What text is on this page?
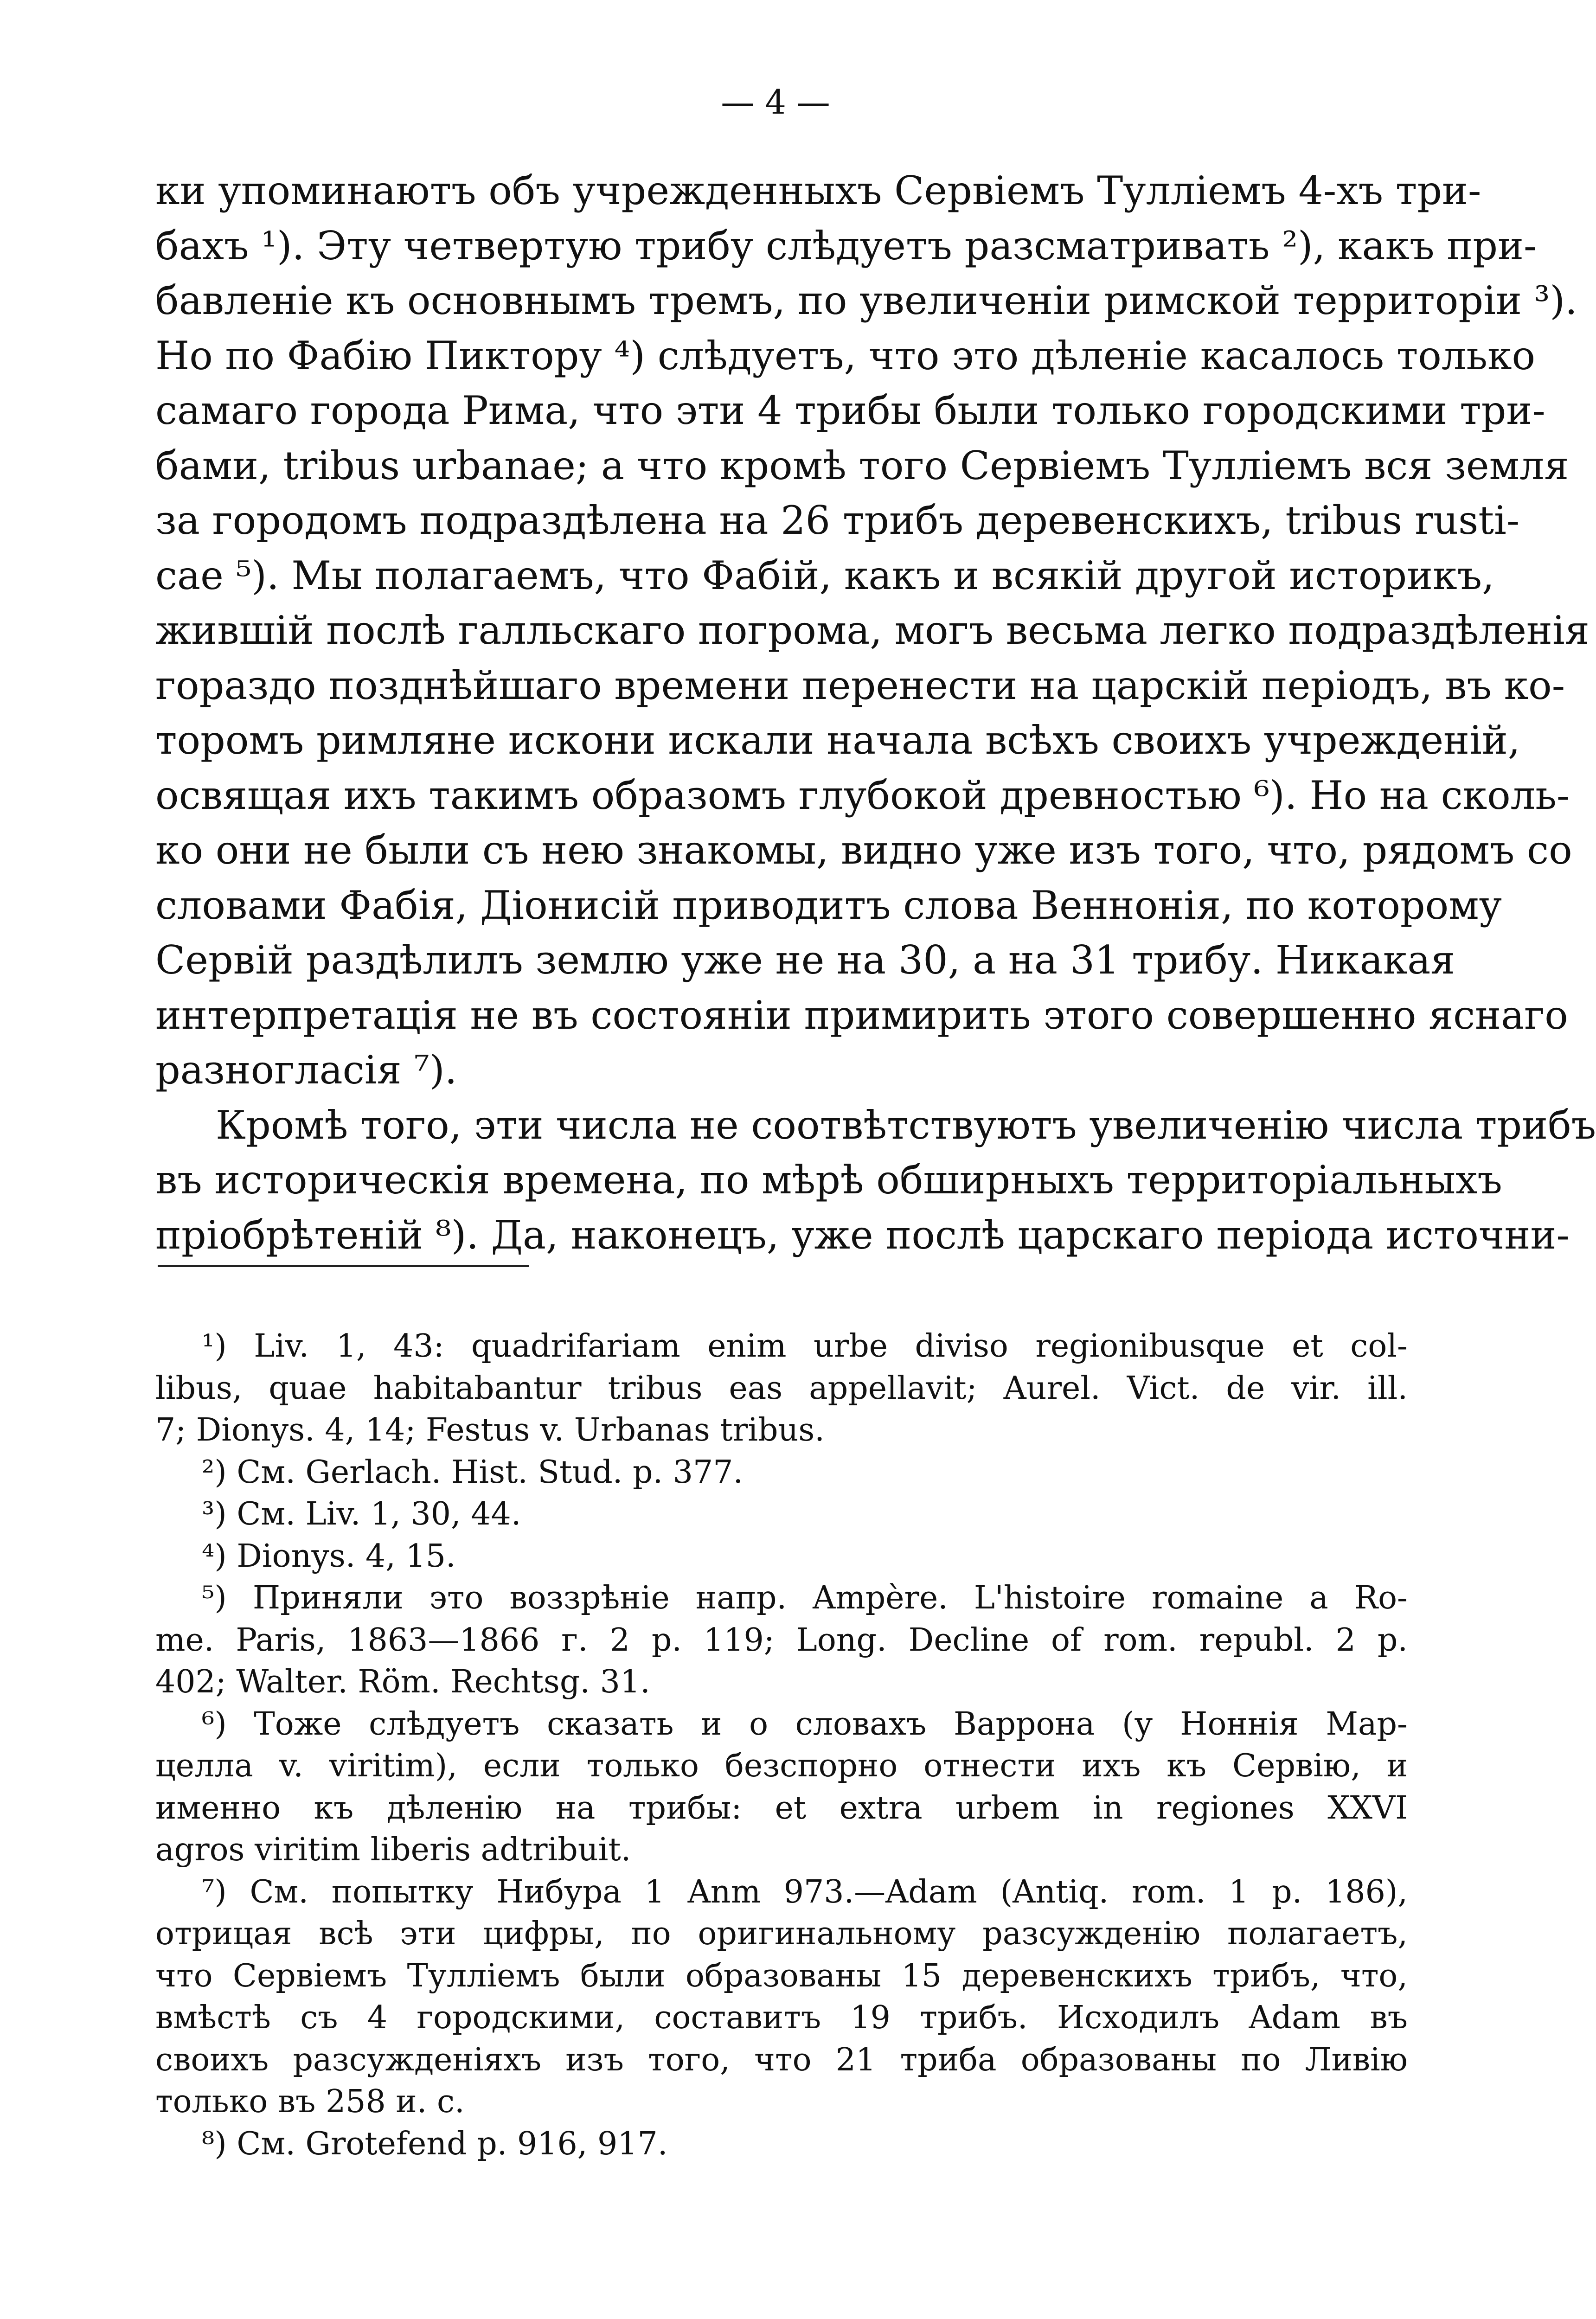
— 4 —
ки упоминаютъ объ учрежденныхъ Сервіемъ Тулліемъ 4-хъ три-
бахъ ¹). Эту четвертую трибу слѣдуетъ разсматривать ²), какъ при-
бавленіе къ основнымъ тремъ, по увеличеніи римской территоріи ³).
Но по Фабію Пиктору ⁴) слѣдуетъ, что это дѣленіе касалось только
самаго города Рима, что эти 4 трибы были только городскими три-
бами, tribus urbanae; а что кромѣ того Сервіемъ Тулліемъ вся земля
за городомъ подраздѣлена на 26 трибъ деревенскихъ, tribus rusti-
cae ⁵). Мы полагаемъ, что Фабій, какъ и всякій другой историкъ,
жившій послѣ галльскаго погрома, могъ весьма легко подраздѣленія
гораздо позднѣйшаго времени перенести на царскій періодъ, въ ко-
торомъ римляне искони искали начала всѣхъ своихъ учрежденій,
освящая ихъ такимъ образомъ глубокой древностью ⁶). Но на сколь-
ко они не были съ нею знакомы, видно уже изъ того, что, рядомъ со
словами Фабія, Діонисій приводитъ слова Веннонія, по которому
Сервій раздѣлилъ землю уже не на 30, а на 31 трибу. Никакая
интерпретація не въ состояніи примирить этого совершенно яснаго
разногласія ⁷).
Кромѣ того, эти числа не соотвѣтствуютъ увеличенію числа трибъ
въ историческія времена, по мѣрѣ обширныхъ территоріальныхъ
пріобрѣтеній ⁸). Да, наконецъ, уже послѣ царскаго періода источни-
¹) Liv. 1, 43: quadrifariam enim urbe diviso regionibusque et col-
libus, quae habitabantur tribus eas appellavit; Aurel. Vict. de vir. ill.
7; Dionys. 4, 14; Festus v. Urbanas tribus.
²) См. Gerlach. Hist. Stud. p. 377.
³) См. Liv. 1, 30, 44.
⁴) Dionys. 4, 15.
⁵) Приняли это воззрѣніе напр. Ampère. L'histoire romaine a Ro-
me. Paris, 1863—1866 г. 2 p. 119; Long. Decline of rom. republ. 2 p.
402; Walter. Röm. Rechtsg. 31.
⁶) Тоже слѣдуетъ сказать и о словахъ Варрона (у Ноннія Мар-
целла v. viritim), если только безспорно отнести ихъ къ Сервію, и
именно къ дѣленію на трибы: et extra urbem in regiones XXVI
agros viritim liberis adtribuit.
⁷) См. попытку Нибура 1 Anm 973.—Adam (Antiq. rom. 1 p. 186),
отрицая всѣ эти цифры, по оригинальному разсужденію полагаетъ,
что Сервіемъ Тулліемъ были образованы 15 деревенскихъ трибъ, что,
вмѣстѣ съ 4 городскими, составитъ 19 трибъ. Исходилъ Adam въ
своихъ разсужденіяхъ изъ того, что 21 триба образованы по Ливію
только въ 258 и. с.
⁸) См. Grotefend p. 916, 917.
